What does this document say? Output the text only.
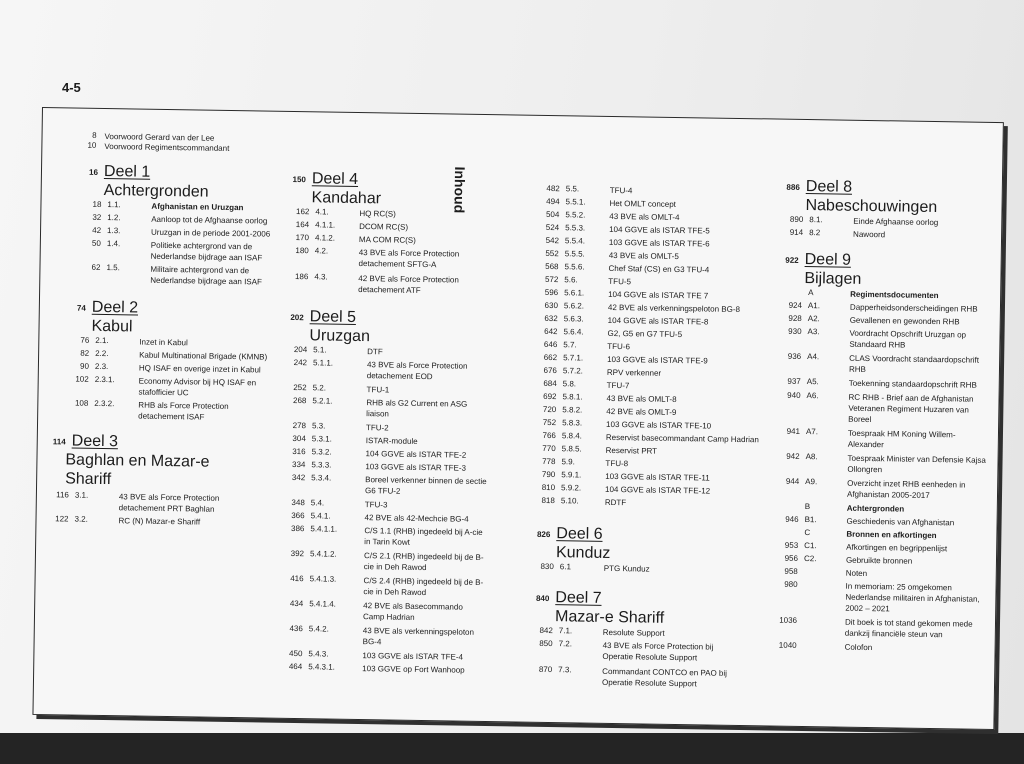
4-5
Inhoud
8 Voorwoord Gerard van der Lee
10 Voorwoord Regimentscommandant
16 Deel 1
Achtergronden
18 1.1.	Afghanistan en Uruzgan
32 1.2.	Aanloop tot de Afghaanse oorlog
42 1.3.	Uruzgan in de periode 2001-2006
50 1.4.	Politieke achtergrond van de Nederlandse bijdrage aan ISAF
62 1.5.	Militaire achtergrond van de Nederlandse bijdrage aan ISAF
74 Deel 2
Kabul
76 2.1.	Inzet in Kabul
82 2.2.	Kabul Multinational Brigade (KMNB)
90 2.3.	HQ ISAF en overige inzet in Kabul
102 2.3.1.	Economy Advisor bij HQ ISAF en stafofficier UC
108 2.3.2.	RHB als Force Protection detachement ISAF
114 Deel 3
Baghlan en Mazar-e Shariff
116 3.1.	43 BVE als Force Protection detachement PRT Baghlan
122 3.2.	RC (N) Mazar-e Shariff
150 Deel 4
Kandahar
162 4.1.	HQ RC(S)
164 4.1.1.	DCOM RC(S)
170 4.1.2.	MA COM RC(S)
180 4.2.	43 BVE als Force Protection detachement SFTG-A
186 4.3.	42 BVE als Force Protection detachement ATF
202 Deel 5
Uruzgan
204 5.1.	DTF
242 5.1.1.	43 BVE als Force Protection detachement EOD
252 5.2.	TFU-1
268 5.2.1.	RHB als G2 Current en ASG liaison
278 5.3.	TFU-2
304 5.3.1.	ISTAR-module
316 5.3.2.	104 GGVE als ISTAR TFE-2
334 5.3.3.	103 GGVE als ISTAR TFE-3
342 5.3.4.	Boreel verkenner binnen de sectie G6 TFU-2
348 5.4.	TFU-3
366 5.4.1.	42 BVE als 42-Mechcie BG-4
386 5.4.1.1.	C/S 1.1 (RHB) ingedeeld bij A-cie in Tarin Kowt
392 5.4.1.2.	C/S 2.1 (RHB) ingedeeld bij de B-cie in Deh Rawod
416 5.4.1.3.	C/S 2.4 (RHB) ingedeeld bij de B-cie in Deh Rawod
434 5.4.1.4.	42 BVE als Basecommando Camp Hadrian
436 5.4.2.	43 BVE als verkenningspeloton BG-4
450 5.4.3.	103 GGVE als ISTAR TFE-4
464 5.4.3.1.	103 GGVE op Fort Wanhoop
482 5.5.	TFU-4
494 5.5.1.	Het OMLT concept
504 5.5.2.	43 BVE als OMLT-4
524 5.5.3.	104 GGVE als ISTAR TFE-5
542 5.5.4.	103 GGVE als ISTAR TFE-6
552 5.5.5.	43 BVE als OMLT-5
568 5.5.6.	Chef Staf (CS) en G3 TFU-4
572 5.6.	TFU-5
596 5.6.1.	104 GGVE als ISTAR TFE 7
630 5.6.2.	42 BVE als verkenningspeloton BG-8
632 5.6.3.	104 GGVE als ISTAR TFE-8
642 5.6.4.	G2, G5 en G7 TFU-5
646 5.7.	TFU-6
662 5.7.1.	103 GGVE als ISTAR TFE-9
676 5.7.2.	RPV verkenner
684 5.8.	TFU-7
692 5.8.1.	43 BVE als OMLT-8
720 5.8.2.	42 BVE als OMLT-9
752 5.8.3.	103 GGVE als ISTAR TFE-10
766 5.8.4.	Reservist basecommandant Camp Hadrian
770 5.8.5.	Reservist PRT
778 5.9.	TFU-8
790 5.9.1.	103 GGVE als ISTAR TFE-11
810 5.9.2.	104 GGVE als ISTAR TFE-12
818 5.10.	RDTF
826 Deel 6
Kunduz
830 6.1	PTG Kunduz
840 Deel 7
Mazar-e Shariff
842 7.1.	Resolute Support
850 7.2.	43 BVE als Force Protection bij Operatie Resolute Support
870 7.3.	Commandant CONTCO en PAO bij Operatie Resolute Support
886 Deel 8
Nabeschouwingen
890 8.1.	Einde Afghaanse oorlog
914 8.2	Nawoord
922 Deel 9
Bijlagen
A	Regimentsdocumenten
924 A1.	Dapperheidsonderscheidingen RHB
928 A2.	Gevallenen en gewonden RHB
930 A3.	Voordracht Opschrift Uruzgan op Standaard RHB
936 A4.	CLAS Voordracht standaardopschrift RHB
937 A5.	Toekenning standaardopschrift RHB
940 A6.	RC RHB - Brief aan de Afghanistan Veteranen Regiment Huzaren van Boreel
941 A7.	Toespraak HM Koning Willem-Alexander
942 A8.	Toespraak Minister van Defensie Kajsa Ollongren
944 A9.	Overzicht inzet RHB eenheden in Afghanistan 2005-2017
B	Achtergronden
946 B1.	Geschiedenis van Afghanistan
C	Bronnen en afkortingen
953 C1.	Afkortingen en begrippenlijst
956 C2.	Gebruikte bronnen
958	Noten
980	In memoriam: 25 omgekomen Nederlandse militairen in Afghanistan, 2002 – 2021
1036	Dit boek is tot stand gekomen mede dankzij financiële steun van
1040	Colofon
